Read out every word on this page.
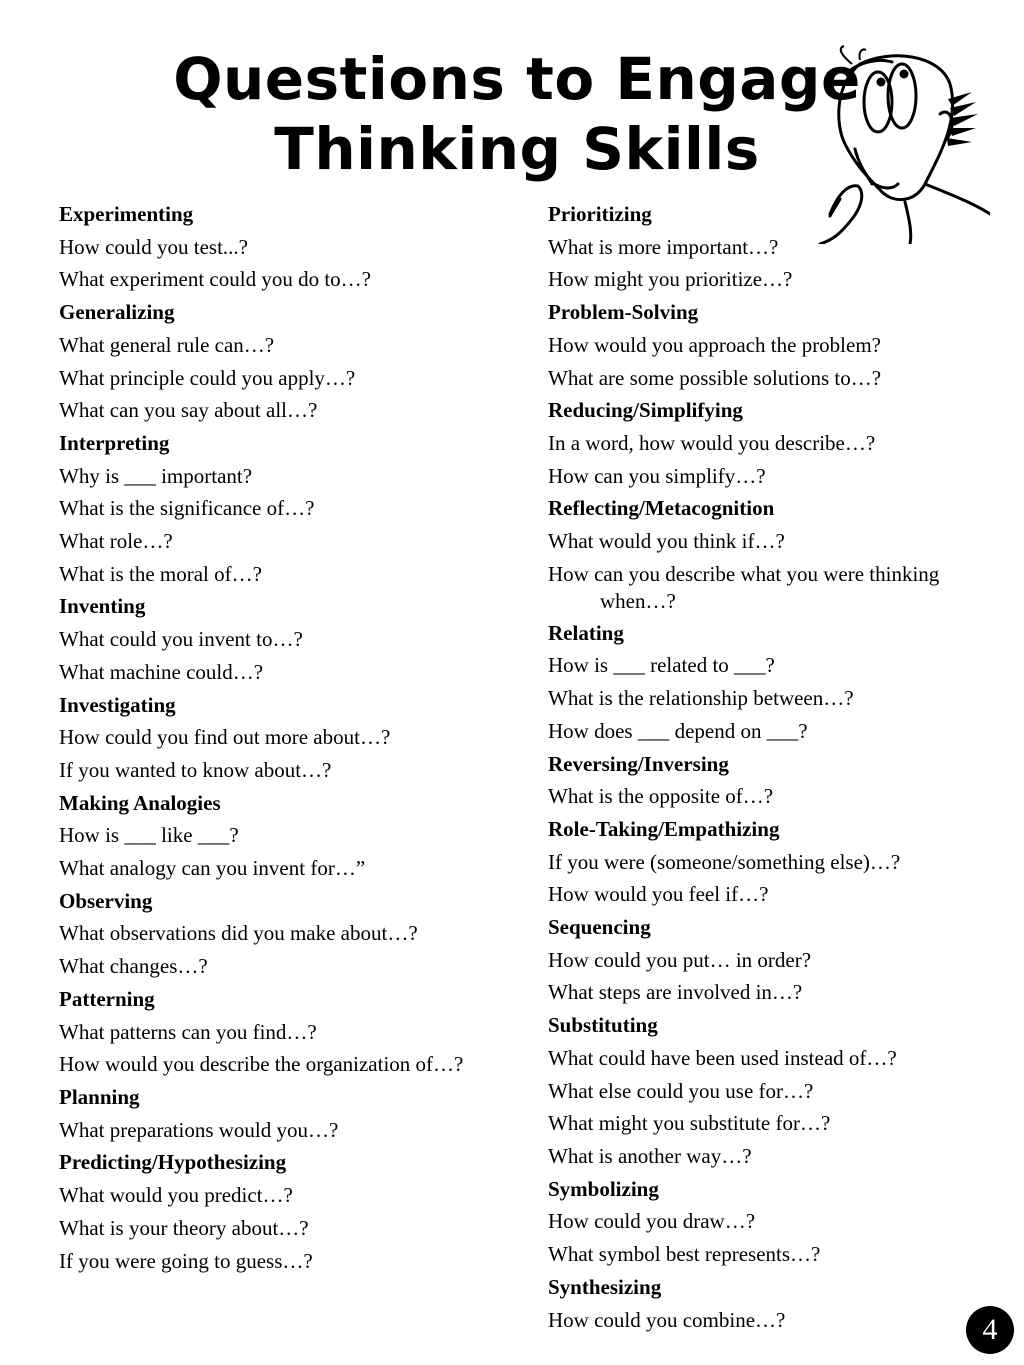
Questions to Engage
Thinking Skills
Experimenting
How could you test...?
What experiment could you do to…?
Generalizing
What general rule can…?
What principle could you apply…?
What can you say about all…?
Interpreting
Why is ___ important?
What is the significance of…?
What role…?
What is the moral of…?
Inventing
What could you invent to…?
What machine could…?
Investigating
How could you find out more about…?
If you wanted to know about…?
Making Analogies
How is ___ like ___?
What analogy can you invent for…”
Observing
What observations did you make about…?
What changes…?
Patterning
What patterns can you find…?
How would you describe the organization of…?
Planning
What preparations would you…?
Predicting/Hypothesizing
What would you predict…?
What is your theory about…?
If you were going to guess…?
Prioritizing
What is more important…?
How might you prioritize…?
Problem-Solving
How would you approach the problem?
What are some possible solutions to…?
Reducing/Simplifying
In a word, how would you describe…?
How can you simplify…?
Reflecting/Metacognition
What would you think if…?
How can you describe what you were thinking when…?
Relating
How is ___ related to ___?
What is the relationship between…?
How does ___ depend on ___?
Reversing/Inversing
What is the opposite of…?
Role-Taking/Empathizing
If you were (someone/something else)…?
How would you feel if…?
Sequencing
How could you put… in order?
What steps are involved in…?
Substituting
What could have been used instead of…?
What else could you use for…?
What might you substitute for…?
What is another way…?
Symbolizing
How could you draw…?
What symbol best represents…?
Synthesizing
How could you combine…?	4
